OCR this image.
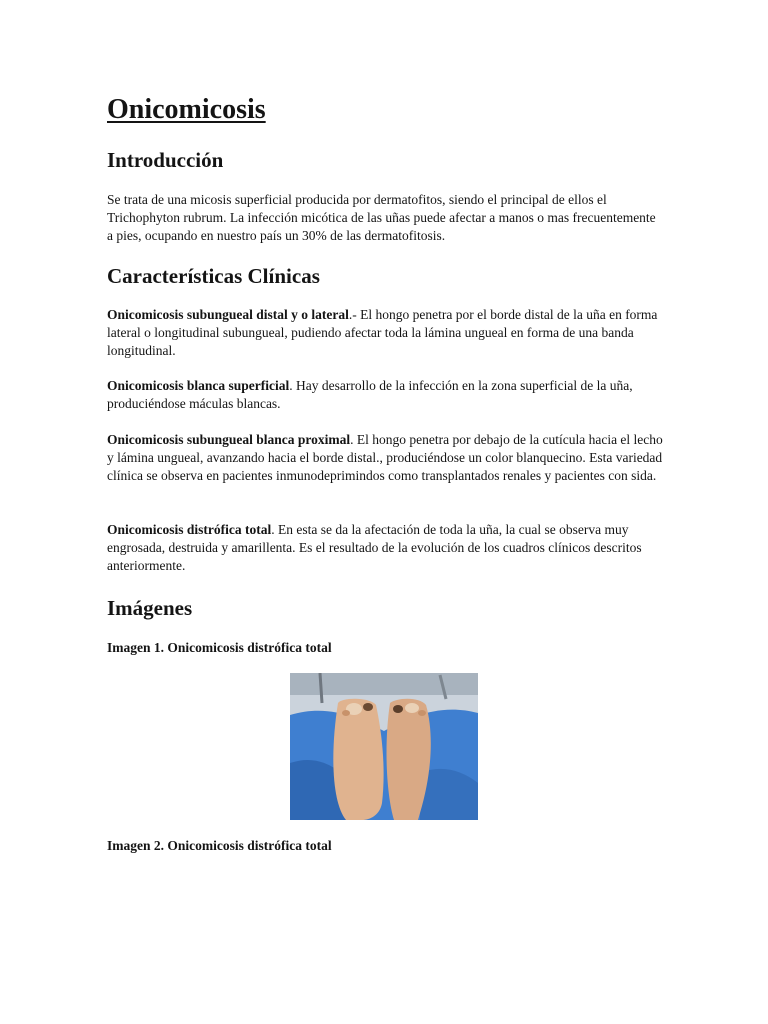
Onicomicosis
Introducción

Se trata de una micosis superficial producida por dermatofitos, siendo el principal de ellos el Trichophyton rubrum. La infección micótica de las uñas puede afectar a manos o mas frecuentemente a pies, ocupando en nuestro país un 30% de las dermatofitosis.

Características Clínicas

Onicomicosis subungueal distal y o lateral.- El hongo penetra por el borde distal de la uña en forma lateral o longitudinal subungueal, pudiendo afectar toda la lámina ungueal en forma de una banda longitudinal.

Onicomicosis blanca superficial. Hay desarrollo de la infección en la zona superficial de la uña, produciéndose máculas blancas.

Onicomicosis subungueal blanca proximal. El hongo penetra por debajo de la cutícula hacia el lecho y lámina ungueal, avanzando hacia el borde distal., produciéndose un color blanquecino. Esta variedad clínica se observa en pacientes inmunodeprimindos como transplantados renales y pacientes con sida.

Onicomicosis distrófica total. En esta se da la afectación de toda la uña, la cual se observa muy engrosada, destruida y amarillenta. Es el resultado de la evolución de los cuadros clínicos descritos anteriormente.

Imágenes

Imagen 1. Onicomicosis distrófica total

Imagen 2. Onicomicosis distrófica total
